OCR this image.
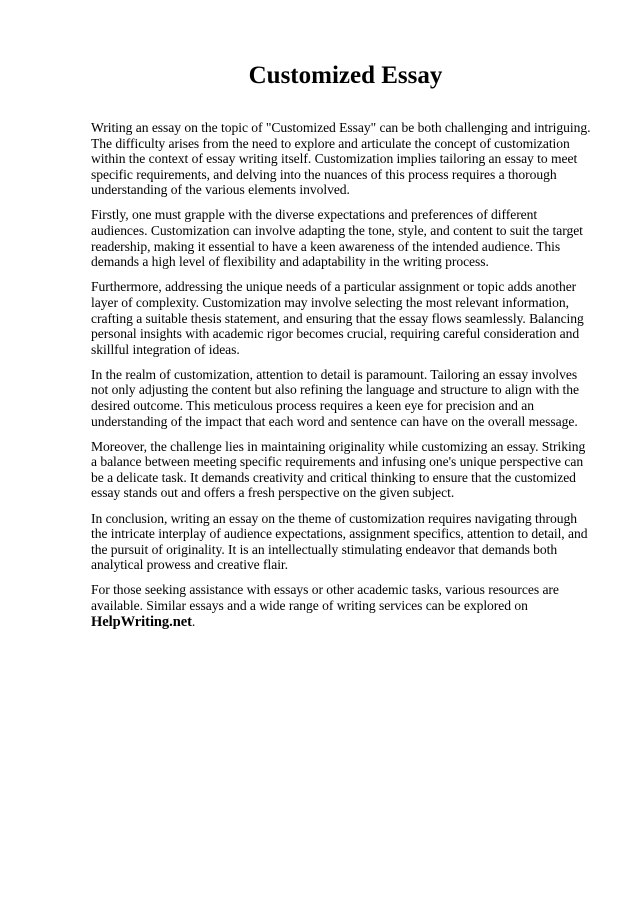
Customized Essay

Writing an essay on the topic of "Customized Essay" can be both challenging and intriguing. The difficulty arises from the need to explore and articulate the concept of customization within the context of essay writing itself. Customization implies tailoring an essay to meet specific requirements, and delving into the nuances of this process requires a thorough understanding of the various elements involved.

Firstly, one must grapple with the diverse expectations and preferences of different audiences. Customization can involve adapting the tone, style, and content to suit the target readership, making it essential to have a keen awareness of the intended audience. This demands a high level of flexibility and adaptability in the writing process.

Furthermore, addressing the unique needs of a particular assignment or topic adds another layer of complexity. Customization may involve selecting the most relevant information, crafting a suitable thesis statement, and ensuring that the essay flows seamlessly. Balancing personal insights with academic rigor becomes crucial, requiring careful consideration and skillful integration of ideas.

In the realm of customization, attention to detail is paramount. Tailoring an essay involves not only adjusting the content but also refining the language and structure to align with the desired outcome. This meticulous process requires a keen eye for precision and an understanding of the impact that each word and sentence can have on the overall message.

Moreover, the challenge lies in maintaining originality while customizing an essay. Striking a balance between meeting specific requirements and infusing one's unique perspective can be a delicate task. It demands creativity and critical thinking to ensure that the customized essay stands out and offers a fresh perspective on the given subject.

In conclusion, writing an essay on the theme of customization requires navigating through the intricate interplay of audience expectations, assignment specifics, attention to detail, and the pursuit of originality. It is an intellectually stimulating endeavor that demands both analytical prowess and creative flair.

For those seeking assistance with essays or other academic tasks, various resources are available. Similar essays and a wide range of writing services can be explored on HelpWriting.net.
